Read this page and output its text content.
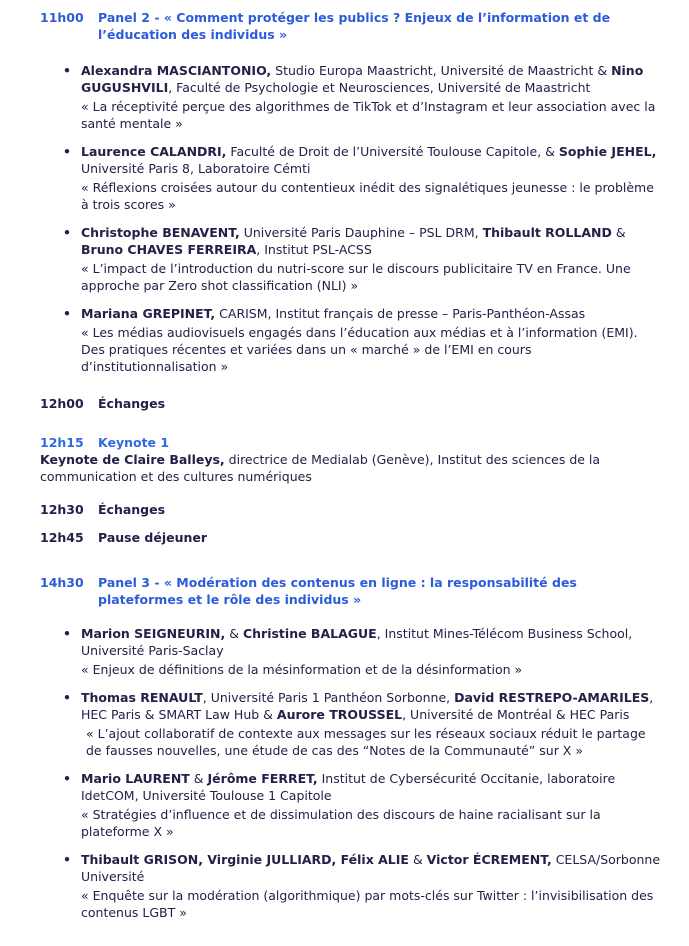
11h00	Panel 2 - « Comment protéger les publics ? Enjeux de l’information et de l’éducation des individus »

• Alexandra MASCIANTONIO, Studio Europa Maastricht, Université de Maastricht & Nino GUGUSHVILI, Faculté de Psychologie et Neurosciences, Université de Maastricht

« La réceptivité perçue des algorithmes de TikTok et d’Instagram et leur association avec la santé mentale »

• Laurence CALANDRI, Faculté de Droit de l’Université Toulouse Capitole, & Sophie JEHEL, Université Paris 8, Laboratoire Cémti

« Réflexions croisées autour du contentieux inédit des signalétiques jeunesse : le problème à trois scores »

• Christophe BENAVENT, Université Paris Dauphine – PSL DRM, Thibault ROLLAND & Bruno CHAVES FERREIRA, Institut PSL-ACSS

« L’impact de l’introduction du nutri-score sur le discours publicitaire TV en France. Une approche par Zero shot classification (NLI) »

• Mariana GREPINET, CARISM, Institut français de presse – Paris-Panthéon-Assas

« Les médias audiovisuels engagés dans l’éducation aux médias et à l’information (EMI). Des pratiques récentes et variées dans un « marché » de l’EMI en cours d’institutionnalisation »

12h00	Échanges
12h15	Keynote 1

Keynote de Claire Balleys, directrice de Medialab (Genève), Institut des sciences de la communication et des cultures numériques

12h30	Échanges
12h45	Pause déjeuner
14h30	Panel 3 - « Modération des contenus en ligne : la responsabilité des plateformes et le rôle des individus »

• Marion SEIGNEURIN, & Christine BALAGUE, Institut Mines-Télécom Business School, Université Paris-Saclay

« Enjeux de définitions de la mésinformation et de la désinformation »

• Thomas RENAULT, Université Paris 1 Panthéon Sorbonne, David RESTREPO-AMARILES, HEC Paris & SMART Law Hub & Aurore TROUSSEL, Université de Montréal & HEC Paris

« L’ajout collaboratif de contexte aux messages sur les réseaux sociaux réduit le partage de fausses nouvelles, une étude de cas des “Notes de la Communauté” sur X »

• Mario LAURENT & Jérôme FERRET, Institut de Cybersécurité Occitanie, laboratoire IdetCOM, Université Toulouse 1 Capitole

« Stratégies d’influence et de dissimulation des discours de haine racialisant sur la plateforme X »

• Thibault GRISON, Virginie JULLIARD, Félix ALIE & Victor ÉCREMENT, CELSA/Sorbonne Université

« Enquête sur la modération (algorithmique) par mots-clés sur Twitter : l’invisibilisation des contenus LGBT »
